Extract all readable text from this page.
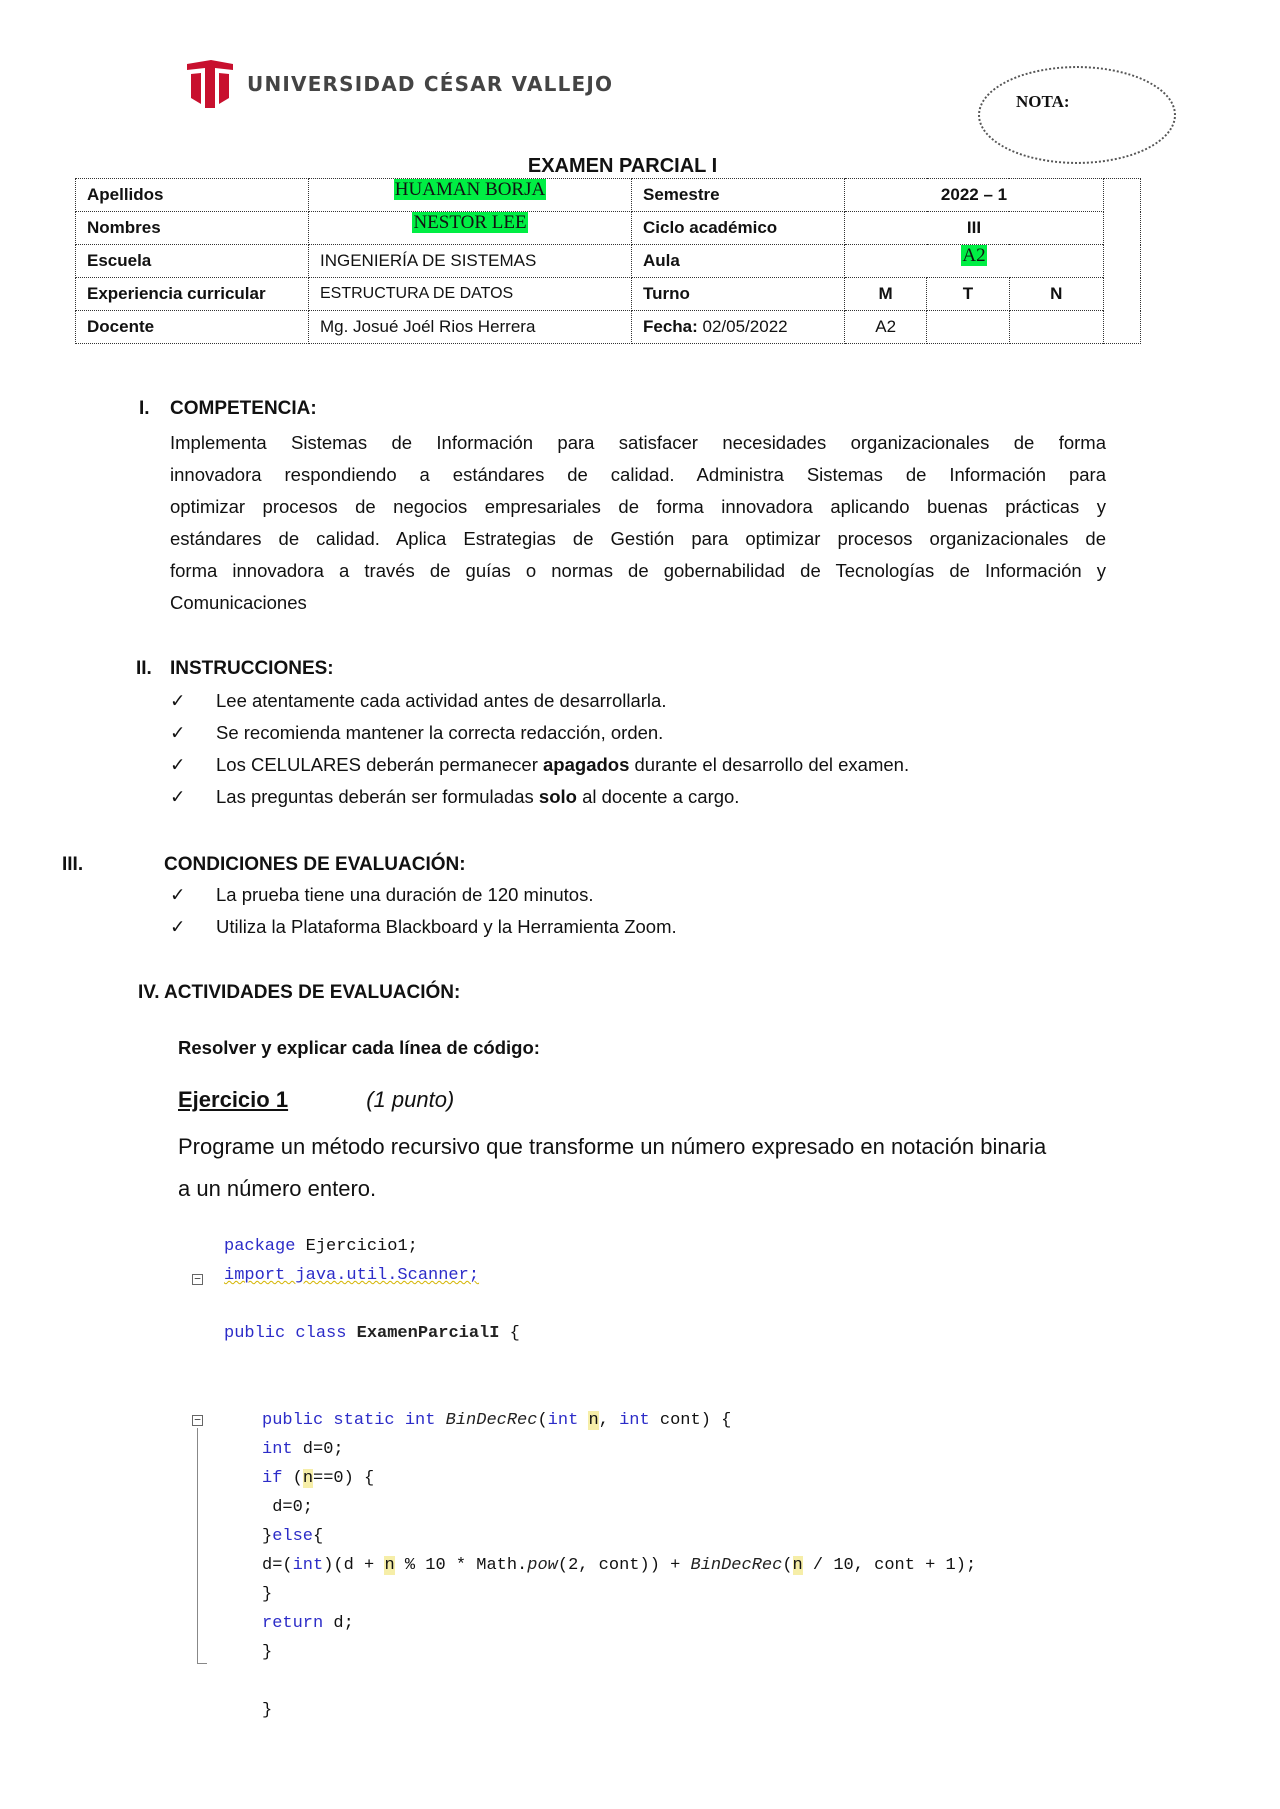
UNIVERSIDAD CÉSAR VALLEJO
NOTA:
EXAMEN PARCIAL I
Apellidos	HUAMAN BORJA	Semestre	2022 – 1			
Nombres	NESTOR LEE	Ciclo académico	III			
Escuela	INGENIERÍA DE SISTEMAS	Aula	A2			
Experiencia curricular	ESTRUCTURA DE DATOS	Turno	M	T	N	
Docente	Mg. Josué Joél Rios Herrera	Fecha: 02/05/2022	A2			
I. COMPETENCIA:
Implementa Sistemas de Información para satisfacer necesidades organizacionales de forma
innovadora respondiendo a estándares de calidad. Administra Sistemas de Información para
optimizar procesos de negocios empresariales de forma innovadora aplicando buenas prácticas y
estándares de calidad. Aplica Estrategias de Gestión para optimizar procesos organizacionales de
forma innovadora a través de guías o normas de gobernabilidad de Tecnologías de Información y
Comunicaciones
II. INSTRUCCIONES:
✓	Lee atentamente cada actividad antes de desarrollarla.
✓	Se recomienda mantener la correcta redacción, orden.
✓	Los CELULARES deberán permanecer apagados durante el desarrollo del examen.
✓	Las preguntas deberán ser formuladas solo al docente a cargo.
III.	CONDICIONES DE EVALUACIÓN:
✓	La prueba tiene una duración de 120 minutos.
✓	Utiliza la Plataforma Blackboard y la Herramienta Zoom.
IV. ACTIVIDADES DE EVALUACIÓN:
Resolver y explicar cada línea de código:
Ejercicio 1	(1 punto)
Programe un método recursivo que transforme un número expresado en notación binaria
a un número entero.
−
−
package Ejercicio1;
import java.util.Scanner;
public class ExamenParcialI {
public static int BinDecRec(int n, int cont) {
int d=0;
if (n==0) {
d=0;
}else{
d=(int)(d + n % 10 * Math.pow(2, cont)) + BinDecRec(n / 10, cont + 1);
}
return d;
}
}
